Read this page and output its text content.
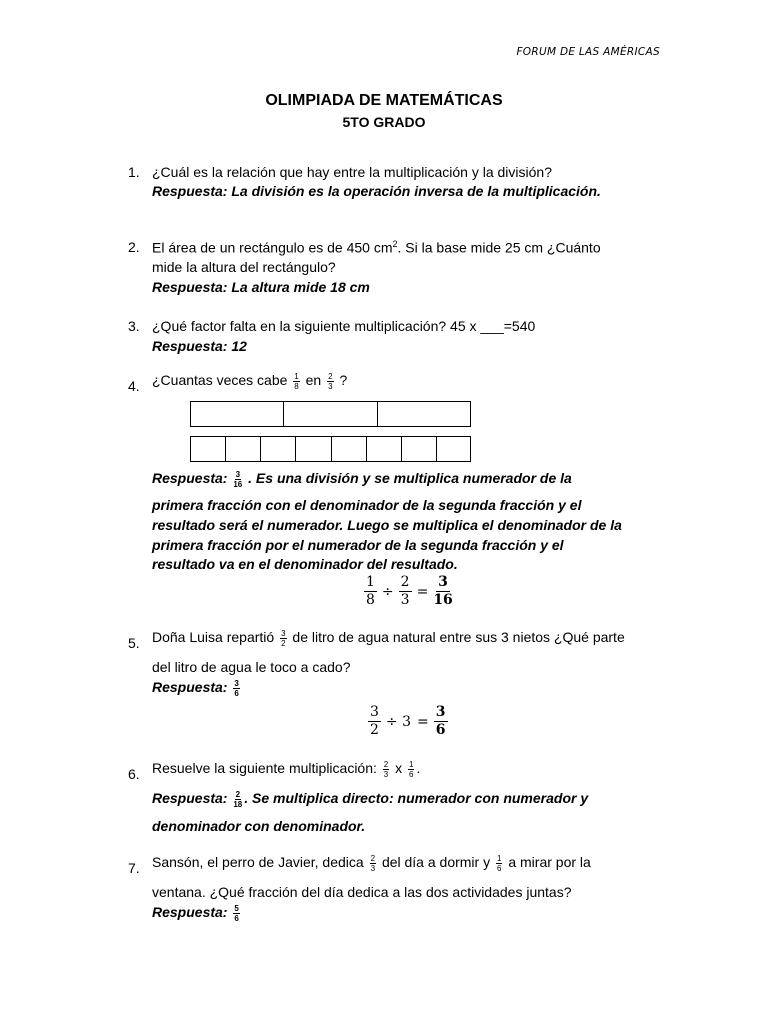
FORUM DE LAS AMÉRICAS
OLIMPIADA DE MATEMÁTICAS
5TO GRADO
1. ¿Cuál es la relación que hay entre la multiplicación y la división?
Respuesta: La división es la operación inversa de la multiplicación.
2. El área de un rectángulo es de 450 $cm^2$. Si la base mide 25 cm ¿Cuánto
mide la altura del rectángulo?
Respuesta: La altura mide 18 cm
3. ¿Qué factor falta en la siguiente multiplicación? 45 x ___=540
Respuesta: 12
4. ¿Cuantas veces cabe $\frac{1}{8}$ en $\frac{2}{3}$ ?
Respuesta: $\frac{3}{16}$ . Es una división y se multiplica numerador de la
primera fracción con el denominador de la segunda fracción y el
resultado será el numerador. Luego se multiplica el denominador de la
primera fracción por el numerador de la segunda fracción y el
resultado va en el denominador del resultado.
$\frac{1}{8} \div \frac{2}{3} = \frac{3}{16}$
5. Doña Luisa repartió $\frac{3}{2}$ de litro de agua natural entre sus 3 nietos ¿Qué parte
del litro de agua le toco a cado?
Respuesta: $\frac{3}{6}$
$\frac{3}{2} \div 3 = \frac{3}{6}$
6. Resuelve la siguiente multiplicación: $\frac{2}{3}$ x $\frac{1}{6}$ .
Respuesta: $\frac{2}{18}$ . Se multiplica directo: numerador con numerador y
denominador con denominador.
7. Sansón, el perro de Javier, dedica $\frac{2}{3}$ del día a dormir y $\frac{1}{6}$ a mirar por la
ventana. ¿Qué fracción del día dedica a las dos actividades juntas?
Respuesta: $\frac{5}{6}$
